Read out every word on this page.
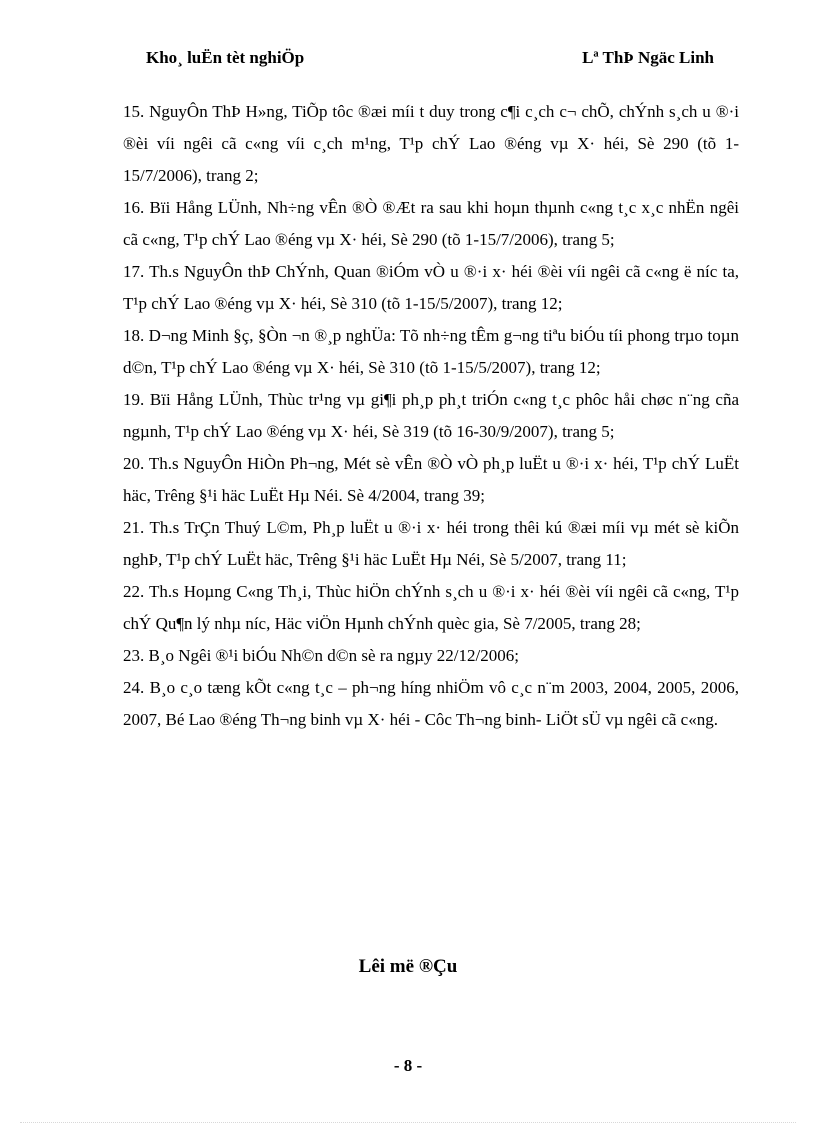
Kho¸ luËn tèt nghiÖp	Lª ThÞ Ngäc Linh

15. NguyÔn ThÞ H»ng, TiÕp tôc ®æi míi t duy trong c¶i c¸ch c¬ chÕ, chÝnh s¸ch u ®·i ®èi víi ngêi cã c«ng víi c¸ch m¹ng, T¹p chÝ Lao ®éng vµ X· héi, Sè 290 (tõ 1- 15/7/2006), trang 2;

16. Bïi Hång LÜnh, Nh÷ng vÊn ®Ò ®Æt ra sau khi hoµn thµnh c«ng t¸c x¸c nhËn ngêi cã c«ng, T¹p chÝ Lao ®éng vµ X· héi, Sè 290 (tõ 1-15/7/2006), trang 5;

17. Th.s NguyÔn thÞ ChÝnh, Quan ®iÓm vÒ u ®·i x· héi ®èi víi ngêi cã c«ng ë níc ta, T¹p chÝ Lao ®éng vµ X· héi, Sè 310 (tõ 1-15/5/2007), trang 12;

18. D¬ng Minh §ç, §Òn ¬n ®¸p nghÜa: Tõ nh÷ng tÊm g¬ng tiªu biÓu tíi phong trµo toµn d©n, T¹p chÝ Lao ®éng vµ X· héi, Sè 310 (tõ 1-15/5/2007), trang 12;

19. Bïi Hång LÜnh, Thùc tr¹ng vµ gi¶i ph¸p ph¸t triÓn c«ng t¸c phôc håi chøc n¨ng cña ngµnh, T¹p chÝ Lao ®éng vµ X· héi, Sè 319 (tõ 16-30/9/2007), trang 5;

20. Th.s NguyÔn HiÒn Ph¬ng, Mét sè vÊn ®Ò vÒ ph¸p luËt u ®·i x· héi, T¹p chÝ LuËt häc, Trêng §¹i häc LuËt Hµ Néi. Sè 4/2004, trang 39;

21. Th.s TrÇn Thuý L©m, Ph¸p luËt u ®·i x· héi trong thêi kú ®æi míi vµ mét sè kiÕn nghÞ, T¹p chÝ LuËt häc, Trêng §¹i häc LuËt Hµ Néi, Sè 5/2007, trang 11;

22. Th.s Hoµng C«ng Th¸i, Thùc hiÖn chÝnh s¸ch u ®·i x· héi ®èi víi ngêi cã c«ng, T¹p chÝ Qu¶n lý nhµ níc, Häc viÖn Hµnh chÝnh quèc gia, Sè 7/2005, trang 28;

23. B¸o Ngêi ®¹i biÓu Nh©n d©n sè ra ngµy 22/12/2006;

24. B¸o c¸o tæng kÕt c«ng t¸c – ph¬ng híng nhiÖm vô c¸c n¨m 2003, 2004, 2005, 2006, 2007, Bé Lao ®éng Th¬ng binh vµ X· héi - Côc Th¬ng binh- LiÖt sÜ vµ ngêi cã c«ng.

Lêi më ®Çu
- 8 -
